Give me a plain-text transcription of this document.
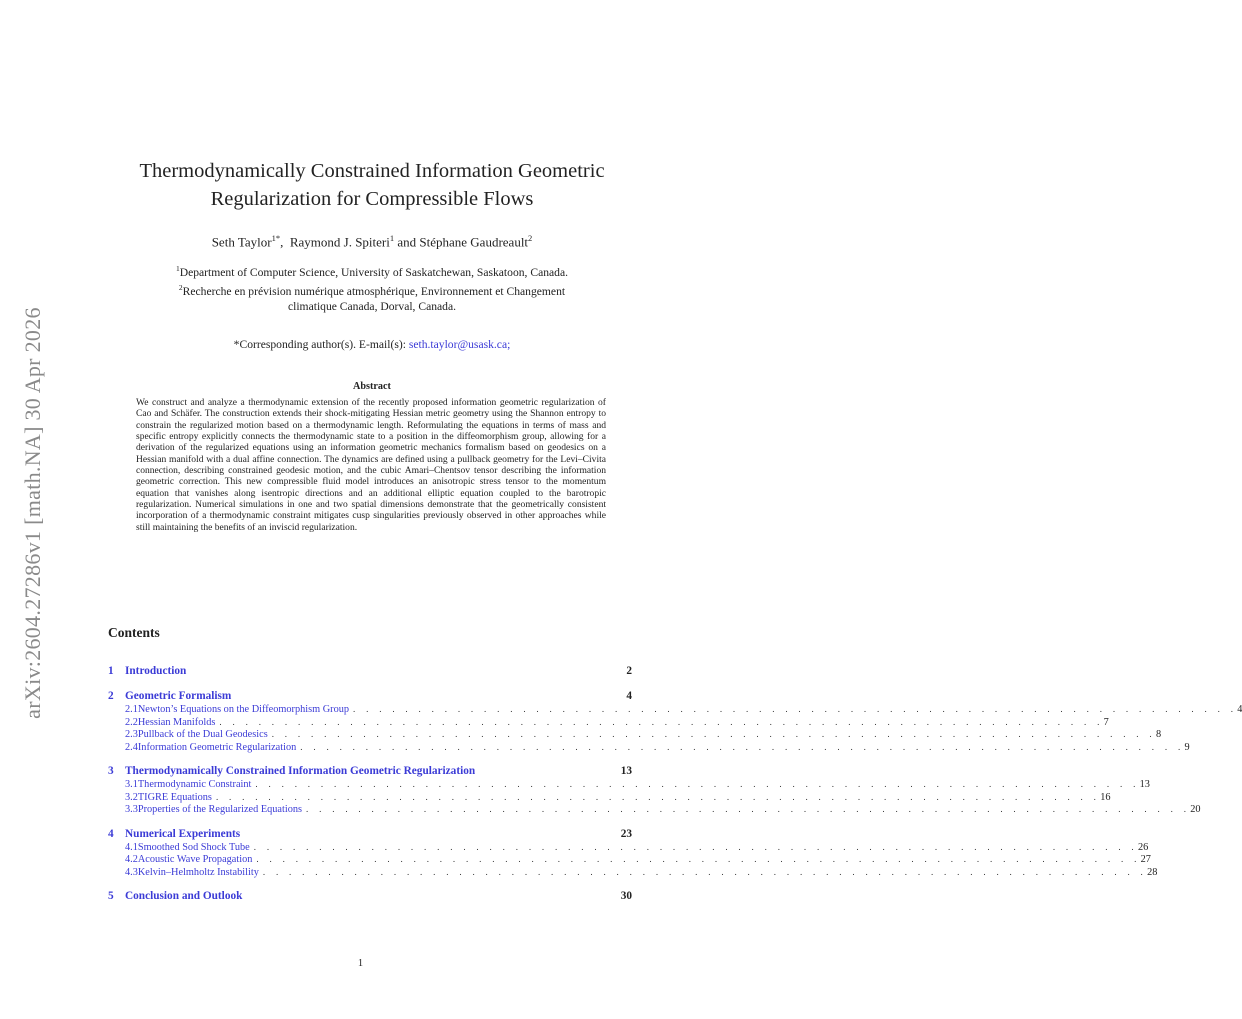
arXiv:2604.27286v1 [math.NA] 30 Apr 2026
Thermodynamically Constrained Information Geometric
Regularization for Compressible Flows
Seth Taylor$^{1*}$,  Raymond J. Spiteri$^1$ and Stéphane Gaudreault$^2$
$^1$Department of Computer Science, University of Saskatchewan, Saskatoon, Canada.
$^2$Recherche en prévision numérique atmosphérique, Environnement et Changement
climatique Canada, Dorval, Canada.
*Corresponding author(s). E-mail(s): seth.taylor@usask.ca;
Abstract
We construct and analyze a thermodynamic extension of the recently proposed information geometric regularization of Cao and Schäfer. The construction extends their shock-mitigating Hessian metric geometry using the Shannon entropy to constrain the regularized motion based on a thermodynamic length. Reformulating the equations in terms of mass and specific entropy explicitly connects the thermodynamic state to a position in the diffeomorphism group, allowing for a derivation of the regularized equations using an information geometric mechanics formalism based on geodesics on a Hessian manifold with a dual affine connection. The dynamics are defined using a pullback geometry for the Levi–Civita connection, describing constrained geodesic motion, and the cubic Amari–Chentsov tensor describing the information geometric correction. This new compressible fluid model introduces an anisotropic stress tensor to the momentum equation that vanishes along isentropic directions and an additional elliptic equation coupled to the barotropic regularization. Numerical simulations in one and two spatial dimensions demonstrate that the geometrically consistent incorporation of a thermodynamic constraint mitigates cusp singularities previously observed in other approaches while still maintaining the benefits of an inviscid regularization.
Contents
1 Introduction	2
2 Geometric Formalism	4
2.1 Newton’s Equations on the Diffeomorphism Group . . . . . . . . . . . . . . . . . . . . . . . . . . . . . . . . . . . . . . . . . . . . . . . . . . . . . . . . . . . . . . . . . . . . 4
2.2 Hessian Manifolds . . . . . . . . . . . . . . . . . . . . . . . . . . . . . . . . . . . . . . . . . . . . . . . . . . . . . . . . . . . . . . . . . . . . 7
2.3 Pullback of the Dual Geodesics . . . . . . . . . . . . . . . . . . . . . . . . . . . . . . . . . . . . . . . . . . . . . . . . . . . . . . . . . . . . . . . . . . . . 8
2.4 Information Geometric Regularization . . . . . . . . . . . . . . . . . . . . . . . . . . . . . . . . . . . . . . . . . . . . . . . . . . . . . . . . . . . . . . . . . . . . 9
3 Thermodynamically Constrained Information Geometric Regularization	13
3.1 Thermodynamic Constraint . . . . . . . . . . . . . . . . . . . . . . . . . . . . . . . . . . . . . . . . . . . . . . . . . . . . . . . . . . . . . . . . . . . . 13
3.2 TIGRE Equations . . . . . . . . . . . . . . . . . . . . . . . . . . . . . . . . . . . . . . . . . . . . . . . . . . . . . . . . . . . . . . . . . . . . 16
3.3 Properties of the Regularized Equations . . . . . . . . . . . . . . . . . . . . . . . . . . . . . . . . . . . . . . . . . . . . . . . . . . . . . . . . . . . . . . . . . . . . 20
4 Numerical Experiments	23
4.1 Smoothed Sod Shock Tube . . . . . . . . . . . . . . . . . . . . . . . . . . . . . . . . . . . . . . . . . . . . . . . . . . . . . . . . . . . . . . . . . . . . 26
4.2 Acoustic Wave Propagation . . . . . . . . . . . . . . . . . . . . . . . . . . . . . . . . . . . . . . . . . . . . . . . . . . . . . . . . . . . . . . . . . . . . 27
4.3 Kelvin–Helmholtz Instability . . . . . . . . . . . . . . . . . . . . . . . . . . . . . . . . . . . . . . . . . . . . . . . . . . . . . . . . . . . . . . . . . . . . 28
5 Conclusion and Outlook	30
1
